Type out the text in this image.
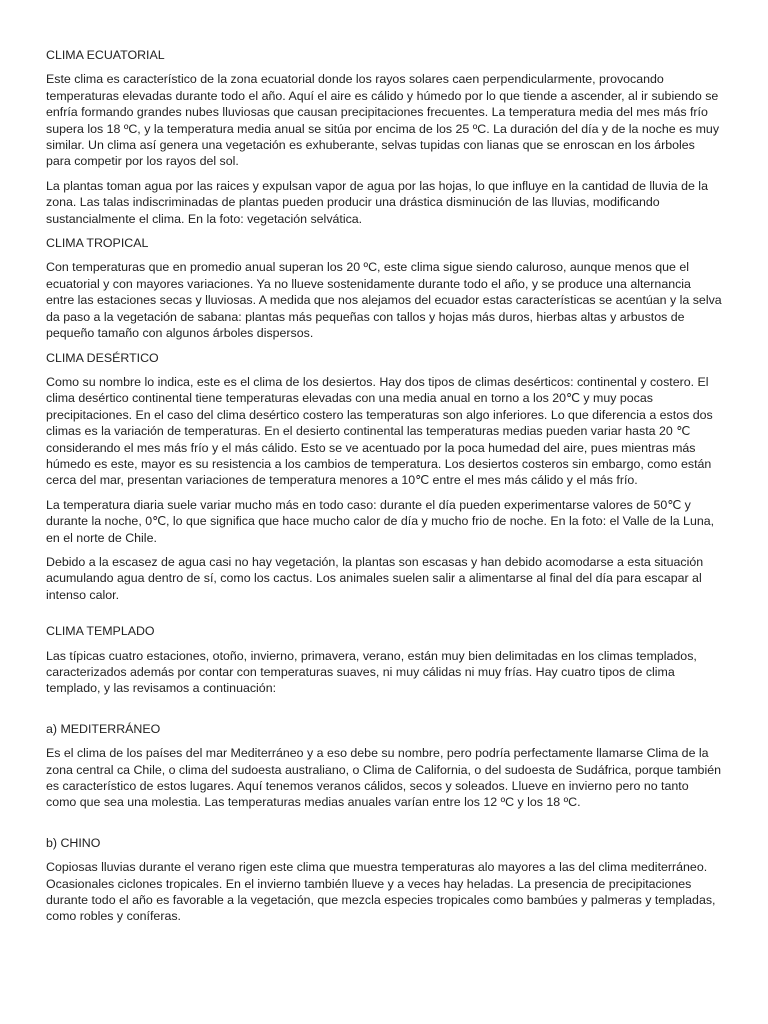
CLIMA ECUATORIAL

Este clima es característico de la zona ecuatorial donde los rayos solares caen perpendicularmente, provocando temperaturas elevadas durante todo el año. Aquí el aire es cálido y húmedo por lo que tiende a ascender, al ir subiendo se enfría formando grandes nubes lluviosas que causan precipitaciones frecuentes. La temperatura media del mes más frío supera los 18 ºC, y la temperatura media anual se sitúa por encima de los 25 ºC. La duración del día y de la noche es muy similar. Un clima así genera una vegetación es exhuberante, selvas tupidas con lianas que se enroscan en los árboles para competir por los rayos del sol.

La plantas toman agua por las raices y expulsan vapor de agua por las hojas, lo que influye en la cantidad de lluvia de la zona. Las talas indiscriminadas de plantas pueden producir una drástica disminución de las lluvias, modificando sustancialmente el clima. En la foto: vegetación selvática.

CLIMA TROPICAL

Con temperaturas que en promedio anual superan los 20 ºC, este clima sigue siendo caluroso, aunque menos que el ecuatorial y con mayores variaciones. Ya no llueve sostenidamente durante todo el año, y se produce una alternancia entre las estaciones secas y lluviosas. A medida que nos alejamos del ecuador estas características se acentúan y la selva da paso a la vegetación de sabana: plantas más pequeñas con tallos y hojas más duros, hierbas altas y arbustos de pequeño tamaño con algunos árboles dispersos.

CLIMA DESÉRTICO

Como su nombre lo indica, este es el clima de los desiertos. Hay dos tipos de climas desérticos: continental y costero. El clima desértico continental tiene temperaturas elevadas con una media anual en torno a los 20℃ y muy pocas precipitaciones. En el caso del clima desértico costero las temperaturas son algo inferiores. Lo que diferencia a estos dos climas es la variación de temperaturas. En el desierto continental las temperaturas medias pueden variar hasta 20 ℃ considerando el mes más frío y el más cálido. Esto se ve acentuado por la poca humedad del aire, pues mientras más húmedo es este, mayor es su resistencia a los cambios de temperatura. Los desiertos costeros sin embargo, como están cerca del mar, presentan variaciones de temperatura menores a 10℃ entre el mes más cálido y el más frío.

La temperatura diaria suele variar mucho más en todo caso: durante el día pueden experimentarse valores de 50℃ y durante la noche, 0℃, lo que significa que hace mucho calor de día y mucho frio de noche. En la foto: el Valle de la Luna, en el norte de Chile.

Debido a la escasez de agua casi no hay vegetación, la plantas son escasas y han debido acomodarse a esta situación acumulando agua dentro de sí, como los cactus. Los animales suelen salir a alimentarse al final del día para escapar al intenso calor.

CLIMA TEMPLADO

Las típicas cuatro estaciones, otoño, invierno, primavera, verano, están muy bien delimitadas en los climas templados, caracterizados además por contar con temperaturas suaves, ni muy cálidas ni muy frías. Hay cuatro tipos de clima templado, y las revisamos a continuación:

a) MEDITERRÁNEO

Es el clima de los países del mar Mediterráneo y a eso debe su nombre, pero podría perfectamente llamarse Clima de la zona central ca Chile, o clima del sudoesta australiano, o Clima de California, o del sudoesta de Sudáfrica, porque también es característico de estos lugares. Aquí tenemos veranos cálidos, secos y soleados. Llueve en invierno pero no tanto como que sea una molestia. Las temperaturas medias anuales varían entre los 12 ºC y los 18 ºC.

b) CHINO

Copiosas lluvias durante el verano rigen este clima que muestra temperaturas alo mayores a las del clima mediterráneo. Ocasionales ciclones tropicales. En el invierno también llueve y a veces hay heladas. La presencia de precipitaciones durante todo el año es favorable a la vegetación, que mezcla especies tropicales como bambúes y palmeras y templadas, como robles y coníferas.
